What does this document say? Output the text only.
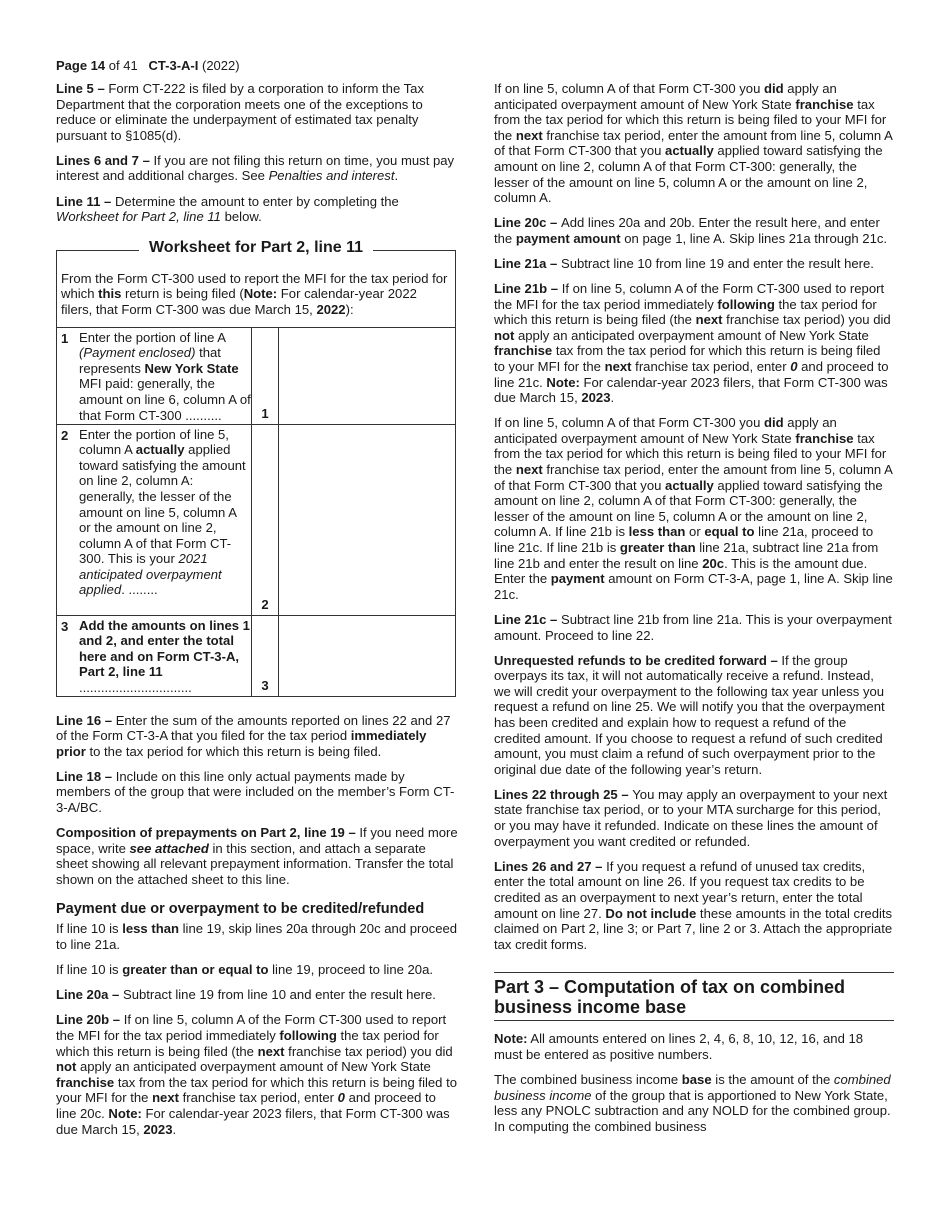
Page 14 of 41 CT-3-A-I (2022)

Line 5 – Form CT-222 is filed by a corporation to inform the Tax Department that the corporation meets one of the exceptions to reduce or eliminate the underpayment of estimated tax penalty pursuant to §1085(d).

Lines 6 and 7 – If you are not filing this return on time, you must pay interest and additional charges. See Penalties and interest.

Line 11 – Determine the amount to enter by completing the Worksheet for Part 2, line 11 below.

Worksheet for Part 2, line 11
From the Form CT-300 used to report the MFI for the tax period for which this return is being filed (Note: For calendar-year 2022 filers, that Form CT-300 was due March 15, 2022):
1 Enter the portion of line A (Payment enclosed) that represents New York State MFI paid: generally, the amount on line 6, column A of that Form CT-300 ..........	1
2 Enter the portion of line 5, column A actually applied toward satisfying the amount on line 2, column A: generally, the lesser of the amount on line 5, column A or the amount on line 2, column A of that Form CT-300. This is your 2021 anticipated overpayment applied. ........
2
3 Add the amounts on lines 1 and 2, and enter the total here and on Form CT-3-A, Part 2, line 11 ...............................	3

Line 16 – Enter the sum of the amounts reported on lines 22 and 27 of the Form CT-3-A that you filed for the tax period immediately prior to the tax period for which this return is being filed.

Line 18 – Include on this line only actual payments made by members of the group that were included on the member’s Form CT-3-A/BC.

Composition of prepayments on Part 2, line 19 – If you need more space, write see attached in this section, and attach a separate sheet showing all relevant prepayment information. Transfer the total shown on the attached sheet to this line.

Payment due or overpayment to be credited/refunded

If line 10 is less than line 19, skip lines 20a through 20c and proceed to line 21a.

If line 10 is greater than or equal to line 19, proceed to line 20a.

Line 20a – Subtract line 19 from line 10 and enter the result here.

Line 20b – If on line 5, column A of the Form CT-300 used to report the MFI for the tax period immediately following the tax period for which this return is being filed (the next franchise tax period) you did not apply an anticipated overpayment amount of New York State franchise tax from the tax period for which this return is being filed to your MFI for the next franchise tax period, enter 0 and proceed to line 20c. Note: For calendar-year 2023 filers, that Form CT-300 was due March 15, 2023.

If on line 5, column A of that Form CT-300 you did apply an anticipated overpayment amount of New York State franchise tax from the tax period for which this return is being filed to your MFI for the next franchise tax period, enter the amount from line 5, column A of that Form CT-300 that you actually applied toward satisfying the amount on line 2, column A of that Form CT-300: generally, the lesser of the amount on line 5, column A or the amount on line 2, column A.

Line 20c – Add lines 20a and 20b. Enter the result here, and enter the payment amount on page 1, line A. Skip lines 21a through 21c.

Line 21a – Subtract line 10 from line 19 and enter the result here.

Line 21b – If on line 5, column A of the Form CT-300 used to report the MFI for the tax period immediately following the tax period for which this return is being filed (the next franchise tax period) you did not apply an anticipated overpayment amount of New York State franchise tax from the tax period for which this return is being filed to your MFI for the next franchise tax period, enter 0 and proceed to line 21c. Note: For calendar-year 2023 filers, that Form CT-300 was due March 15, 2023.

If on line 5, column A of that Form CT-300 you did apply an anticipated overpayment amount of New York State franchise tax from the tax period for which this return is being filed to your MFI for the next franchise tax period, enter the amount from line 5, column A of that Form CT-300 that you actually applied toward satisfying the amount on line 2, column A of that Form CT-300: generally, the lesser of the amount on line 5, column A or the amount on line 2, column A. If line 21b is less than or equal to line 21a, proceed to line 21c. If line 21b is greater than line 21a, subtract line 21a from line 21b and enter the result on line 20c. This is the amount due. Enter the payment amount on Form CT-3-A, page 1, line A. Skip line 21c.

Line 21c – Subtract line 21b from line 21a. This is your overpayment amount. Proceed to line 22.

Unrequested refunds to be credited forward – If the group overpays its tax, it will not automatically receive a refund. Instead, we will credit your overpayment to the following tax year unless you request a refund on line 25. We will notify you that the overpayment has been credited and explain how to request a refund of the credited amount. If you choose to request a refund of such credited amount, you must claim a refund of such overpayment prior to the original due date of the following year’s return.

Lines 22 through 25 – You may apply an overpayment to your next state franchise tax period, or to your MTA surcharge for this period, or you may have it refunded. Indicate on these lines the amount of overpayment you want credited or refunded.

Lines 26 and 27 – If you request a refund of unused tax credits, enter the total amount on line 26. If you request tax credits to be credited as an overpayment to next year’s return, enter the total amount on line 27. Do not include these amounts in the total credits claimed on Part 2, line 3; or Part 7, line 2 or 3. Attach the appropriate tax credit forms.

Part 3 – Computation of tax on combined business income base

Note: All amounts entered on lines 2, 4, 6, 8, 10, 12, 16, and 18 must be entered as positive numbers.

The combined business income base is the amount of the combined business income of the group that is apportioned to New York State, less any PNOLC subtraction and any NOLD for the combined group. In computing the combined business
